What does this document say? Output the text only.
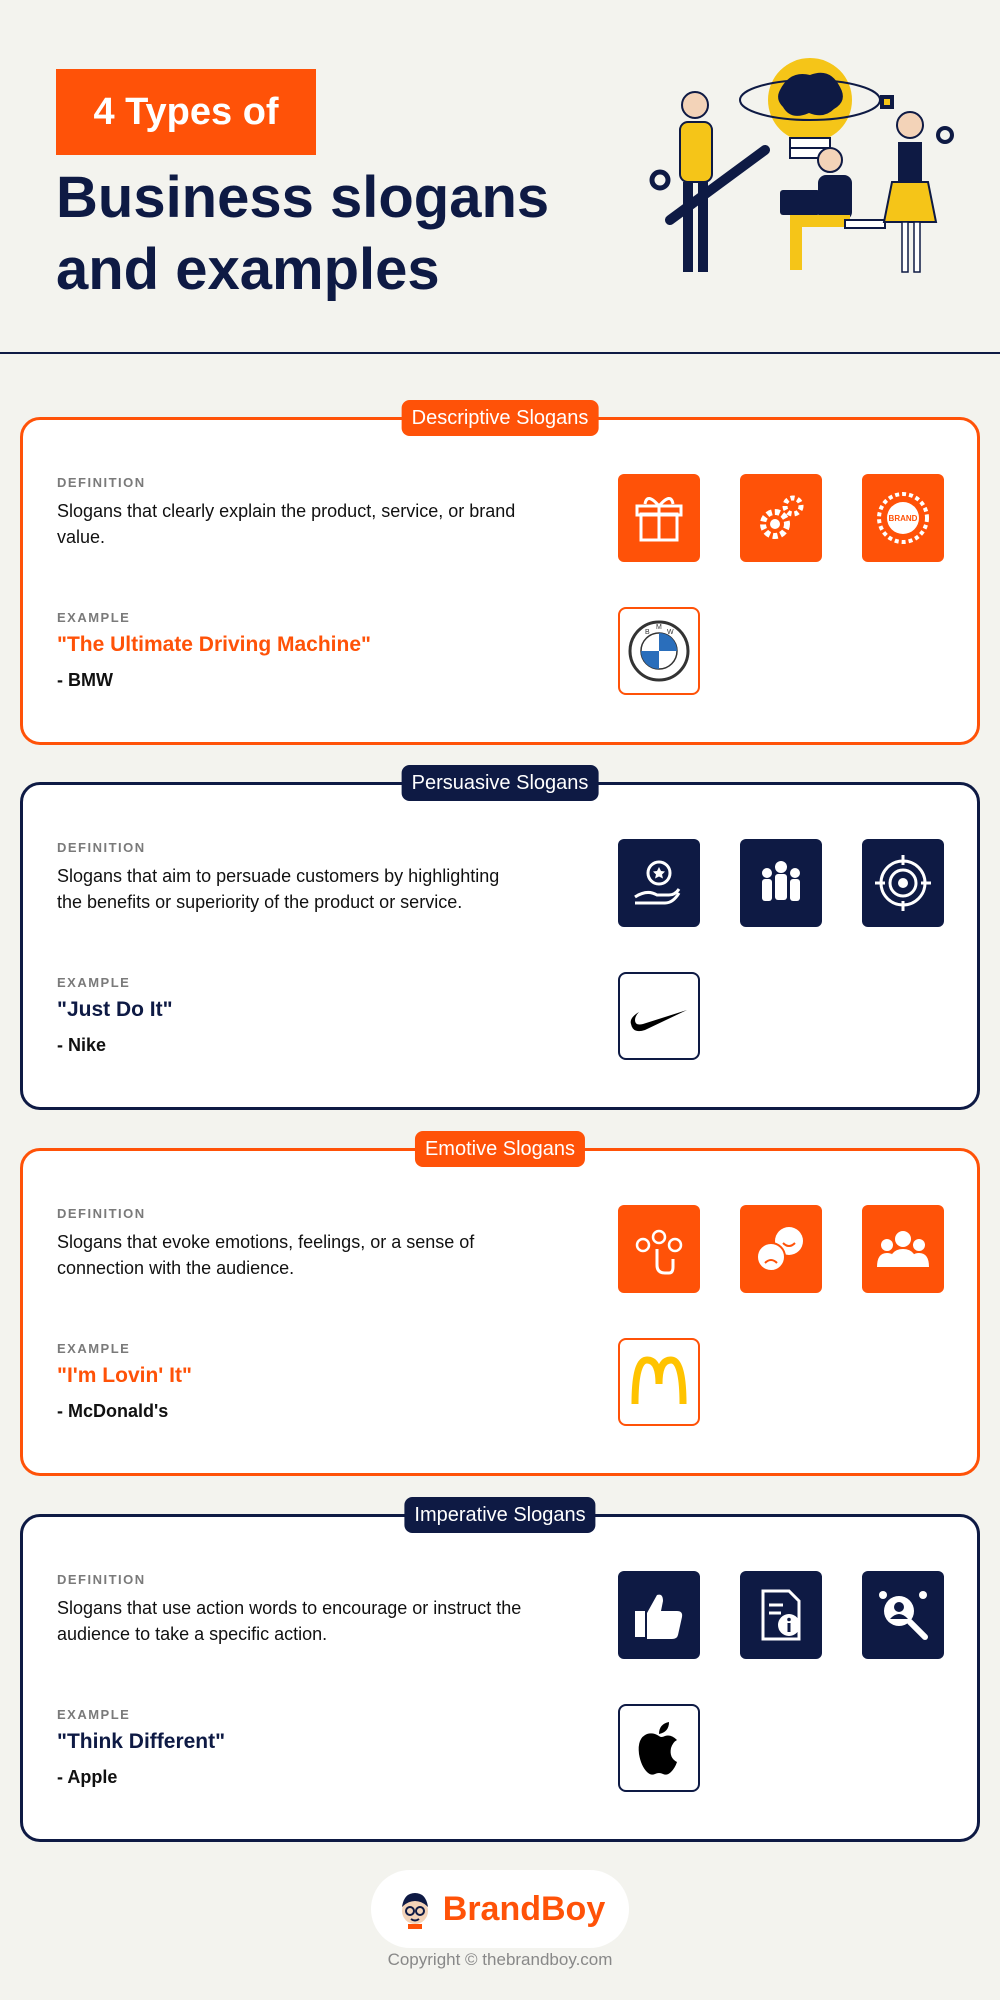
4 Types of
Business slogans
and examples
Descriptive Slogans
DEFINITION
Slogans that clearly explain the product, service, or brand value.
EXAMPLE
"The Ultimate Driving Machine"
- BMW
BRAND
B
M
W
Persuasive Slogans
DEFINITION
Slogans that aim to persuade customers by highlighting the benefits or superiority of the product or service.
EXAMPLE
"Just Do It"
- Nike
Emotive Slogans
DEFINITION
Slogans that evoke emotions, feelings, or a sense of connection with the audience.
EXAMPLE
"I'm Lovin' It"
- McDonald's
Imperative Slogans
DEFINITION
Slogans that use action words to encourage or instruct the audience to take a specific action.
EXAMPLE
"Think Different"
- Apple
BrandBoy
Copyright © thebrandboy.com
